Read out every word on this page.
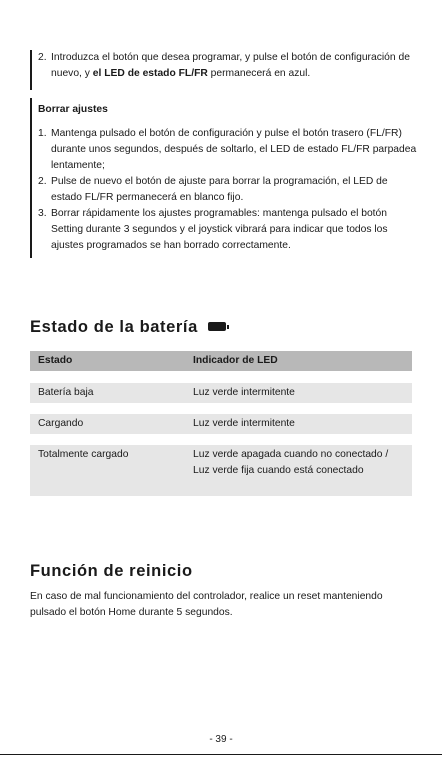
2. Introduzca el botón que desea programar, y pulse el botón de configuración de nuevo, y el LED de estado FL/FR permanecerá en azul.
Borrar ajustes
1. Mantenga pulsado el botón de configuración y pulse el botón trasero (FL/FR) durante unos segundos, después de soltarlo, el LED de estado FL/FR parpadea lentamente;
2. Pulse de nuevo el botón de ajuste para borrar la programación, el LED de estado FL/FR permanecerá en blanco fijo.
3. Borrar rápidamente los ajustes programables: mantenga pulsado el botón Setting durante 3 segundos y el joystick vibrará para indicar que todos los ajustes programados se han borrado correctamente.
Estado de la batería
Estado	Indicador de LED
Batería baja	Luz verde intermitente
Cargando	Luz verde intermitente
Totalmente cargado	Luz verde apagada cuando no conectado / Luz verde fija cuando está conectado
Función de reinicio
En caso de mal funcionamiento del controlador, realice un reset manteniendo pulsado el botón Home durante 5 segundos.
- 39 -
